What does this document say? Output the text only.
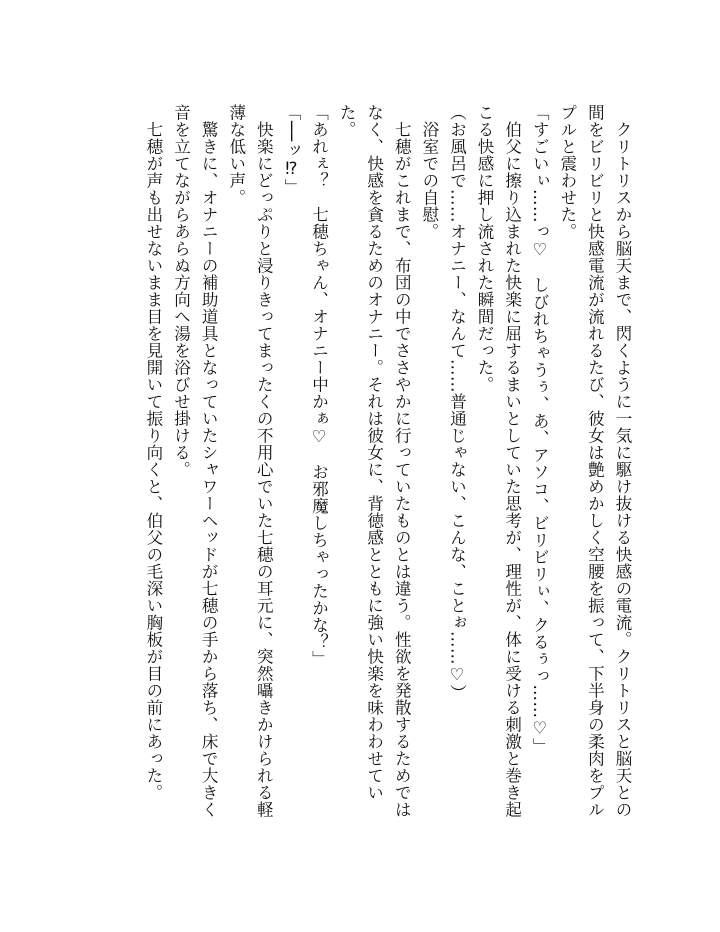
　クリトリスから脳天まで、閃くように一気に駆け抜ける快感の電流。クリトリスと脳天との間をビリビリと快感電流が流れるたび、彼女は艶めかしく空腰を振って、下半身の柔肉をプルプルと震わせた。

「すごいぃ……っ♡　しびれちゃうぅ、あ、アソコ、ビリビリぃ、クるぅっ……♡」

　伯父に擦り込まれた快楽に屈するまいとしていた思考が、理性が、体に受ける刺激と巻き起こる快感に押し流された瞬間だった。

（お風呂で……オナニー、なんて……普通じゃない、こんな、ことぉ……♡）

　浴室での自慰。

　七穂がこれまで、布団の中でささやかに行っていたものとは違う。性欲を発散するためではなく、快感を貪るためのオナニー。それは彼女に、背徳感とともに強い快楽を味わわせていた。

「あれぇ？　七穂ちゃん、オナニー中かぁ♡　お邪魔しちゃったかな？」

「──ッ⁉」

　快楽にどっぷりと浸りきってまったくの不用心でいた七穂の耳元に、突然囁きかけられる軽薄な低い声。

　驚きに、オナニーの補助道具となっていたシャワーヘッドが七穂の手から落ち、床で大きく音を立てながらあらぬ方向へ湯を浴びせ掛ける。

　七穂が声も出せないまま目を見開いて振り向くと、伯父の毛深い胸板が目の前にあった。
